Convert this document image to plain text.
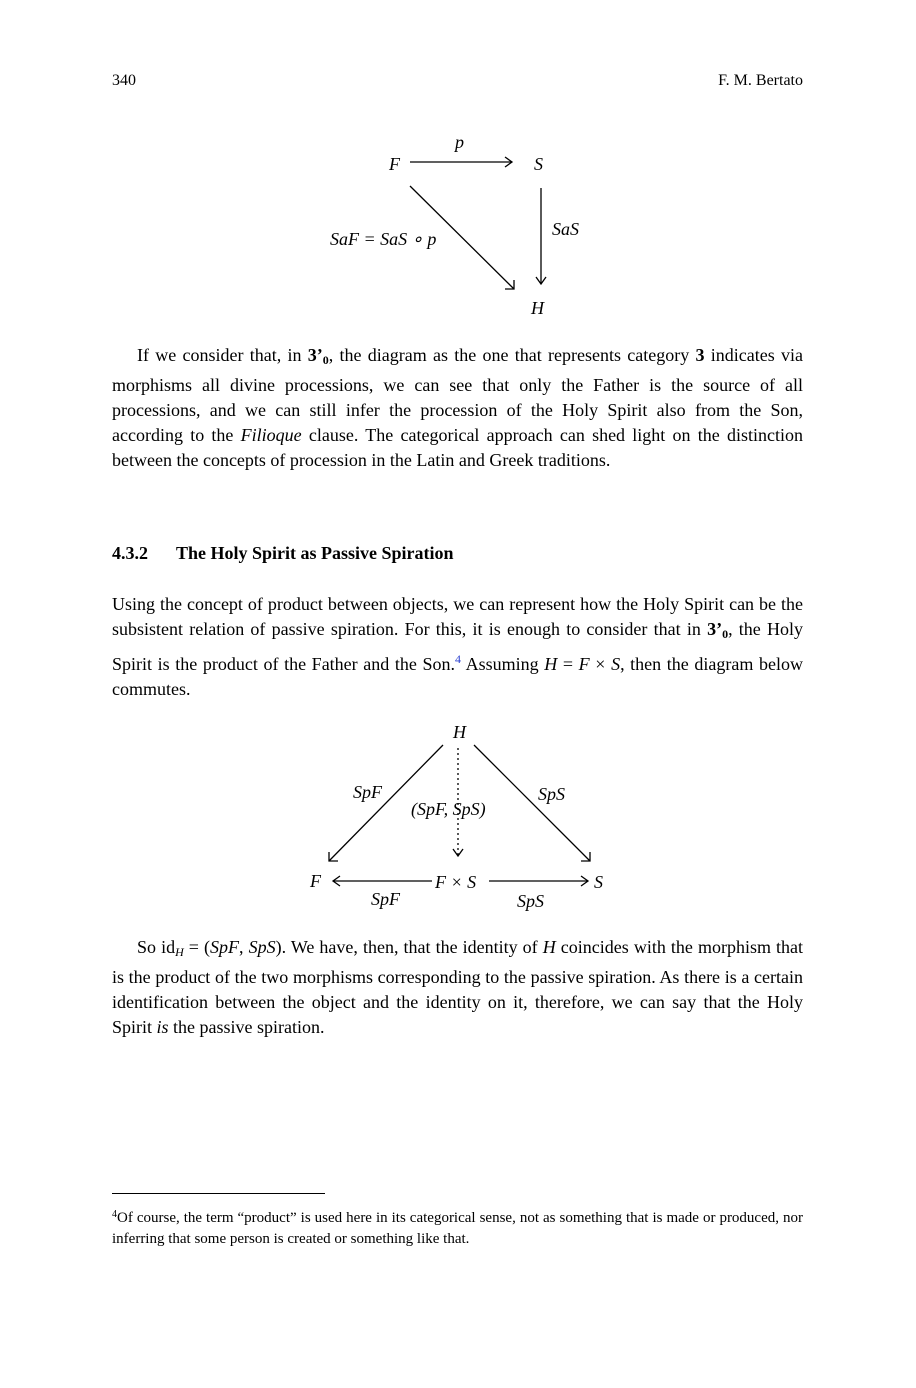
340	F. M. Bertato
F	S
H
p
SaS
SaF = SaS ∘ p

If we consider that, in $3’_0$, the diagram as the one that represents category 3 indicates via morphisms all divine processions, we can see that only the Father is the source of all processions, and we can still infer the procession of the Holy Spirit also from the Son, according to the Filioque clause. The categorical approach can shed light on the distinction between the concepts of procession in the Latin and Greek traditions.

4.3.2 The Holy Spirit as Passive Spiration

Using the concept of product between objects, we can represent how the Holy Spirit can be the subsistent relation of passive spiration. For this, it is enough to consider that in $3’_0$, the Holy Spirit is the product of the Father and the Son.$^4$ Assuming H = F × S, then the diagram below commutes.

H
F	F × S	S
SpF	SpS
(SpF, SpS)
SpF	SpS

So $id_H = (SpF$, SpS). We have, then, that the identity of H coincides with the morphism that is the product of the two morphisms corresponding to the passive spiration. As there is a certain identification between the object and the identity on it, therefore, we can say that the Holy Spirit is the passive spiration.

$^4$Of course, the term “product” is used here in its categorical sense, not as something that is made or produced, nor inferring that some person is created or something like that.
